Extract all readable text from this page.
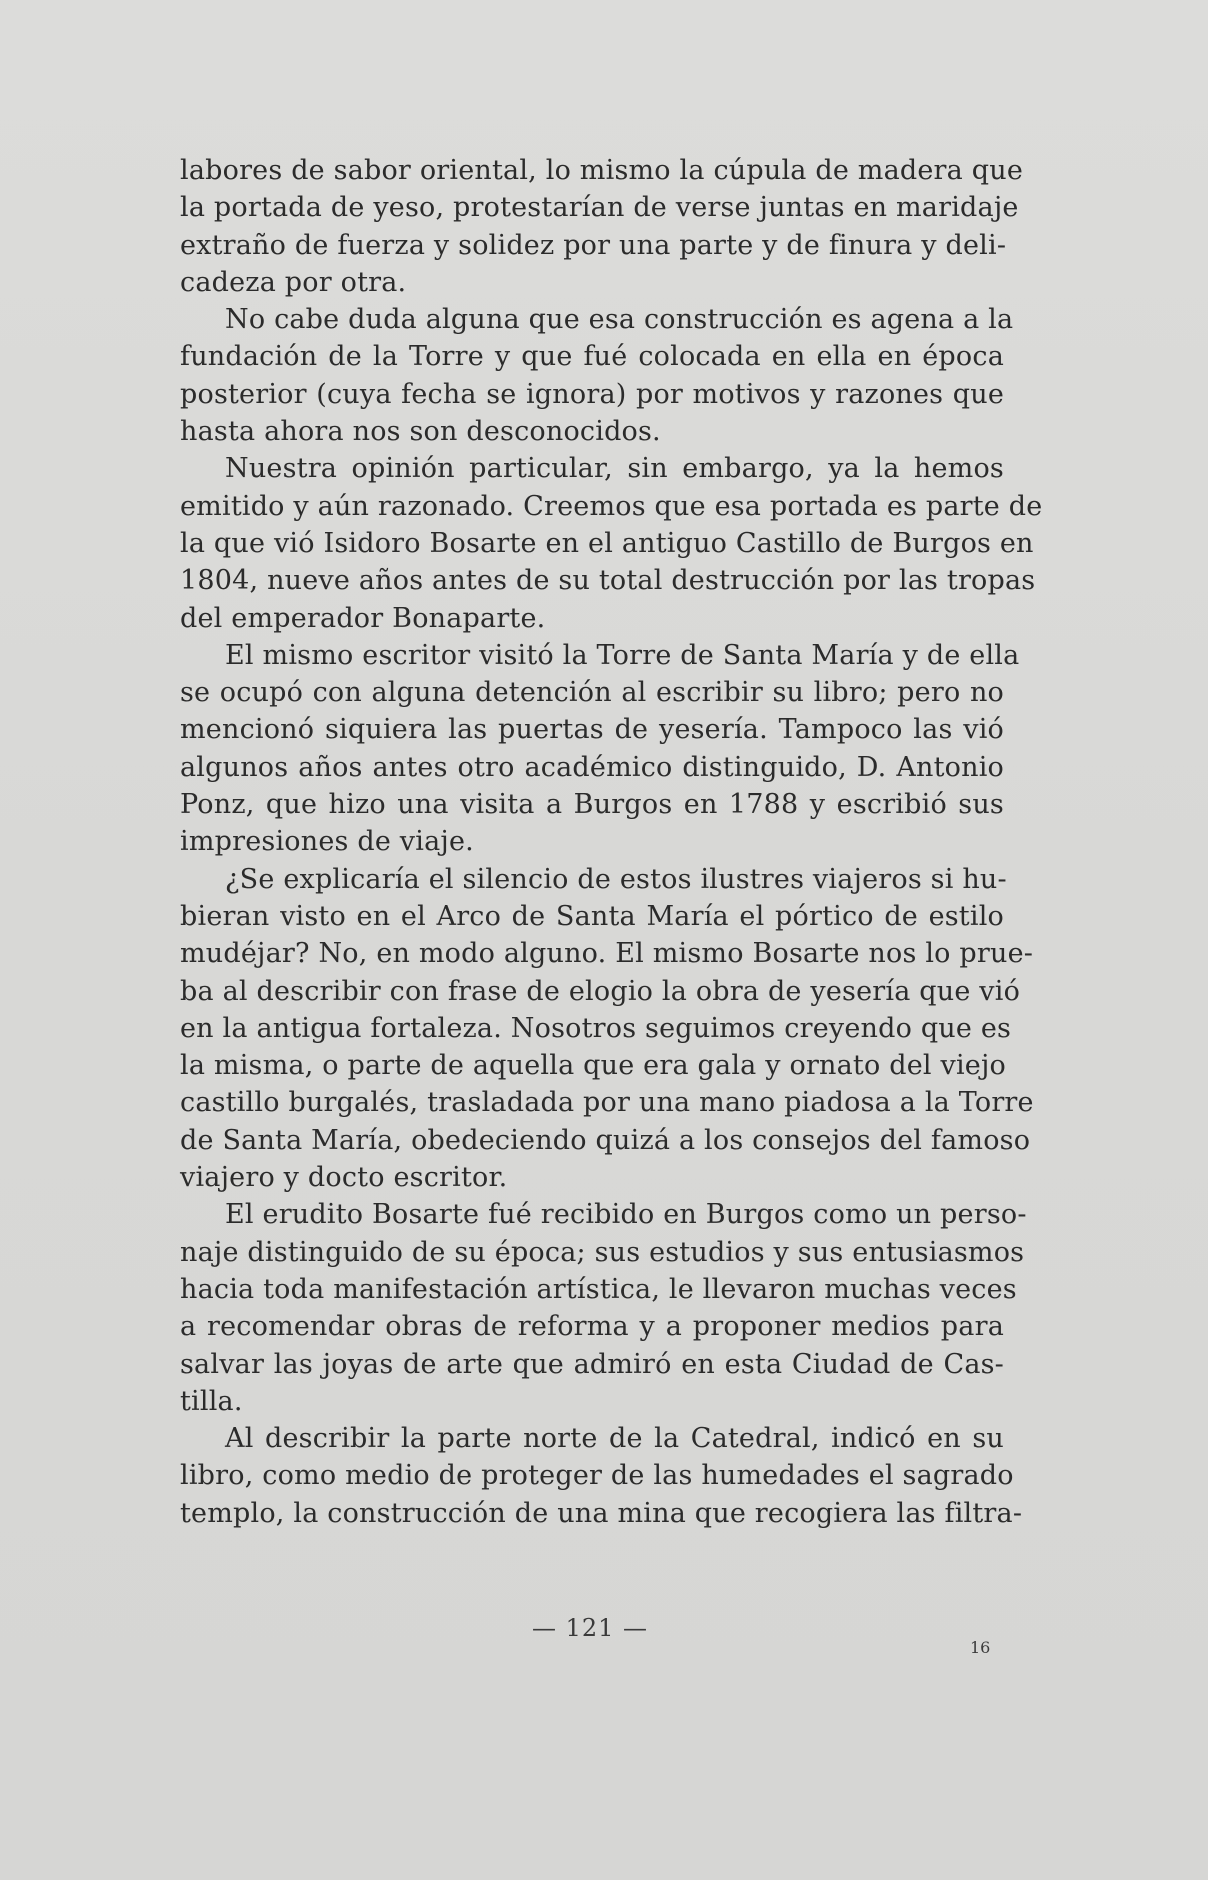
labores de sabor oriental, lo mismo la cúpula de madera que
la portada de yeso, protestarían de verse juntas en maridaje
extraño de fuerza y solidez por una parte y de finura y deli-
cadeza por otra.
No cabe duda alguna que esa construcción es agena a la
fundación de la Torre y que fué colocada en ella en época
posterior (cuya fecha se ignora) por motivos y razones que
hasta ahora nos son desconocidos.
Nuestra opinión particular, sin embargo, ya la hemos
emitido y aún razonado. Creemos que esa portada es parte de
la que vió Isidoro Bosarte en el antiguo Castillo de Burgos en
1804, nueve años antes de su total destrucción por las tropas
del emperador Bonaparte.
El mismo escritor visitó la Torre de Santa María y de ella
se ocupó con alguna detención al escribir su libro; pero no
mencionó siquiera las puertas de yesería. Tampoco las vió
algunos años antes otro académico distinguido, D. Antonio
Ponz, que hizo una visita a Burgos en 1788 y escribió sus
impresiones de viaje.
¿Se explicaría el silencio de estos ilustres viajeros si hu-
bieran visto en el Arco de Santa María el pórtico de estilo
mudéjar? No, en modo alguno. El mismo Bosarte nos lo prue-
ba al describir con frase de elogio la obra de yesería que vió
en la antigua fortaleza. Nosotros seguimos creyendo que es
la misma, o parte de aquella que era gala y ornato del viejo
castillo burgalés, trasladada por una mano piadosa a la Torre
de Santa María, obedeciendo quizá a los consejos del famoso
viajero y docto escritor.
El erudito Bosarte fué recibido en Burgos como un perso-
naje distinguido de su época; sus estudios y sus entusiasmos
hacia toda manifestación artística, le llevaron muchas veces
a recomendar obras de reforma y a proponer medios para
salvar las joyas de arte que admiró en esta Ciudad de Cas-
tilla.
Al describir la parte norte de la Catedral, indicó en su
libro, como medio de proteger de las humedades el sagrado
templo, la construcción de una mina que recogiera las filtra-
— 121 —
16
